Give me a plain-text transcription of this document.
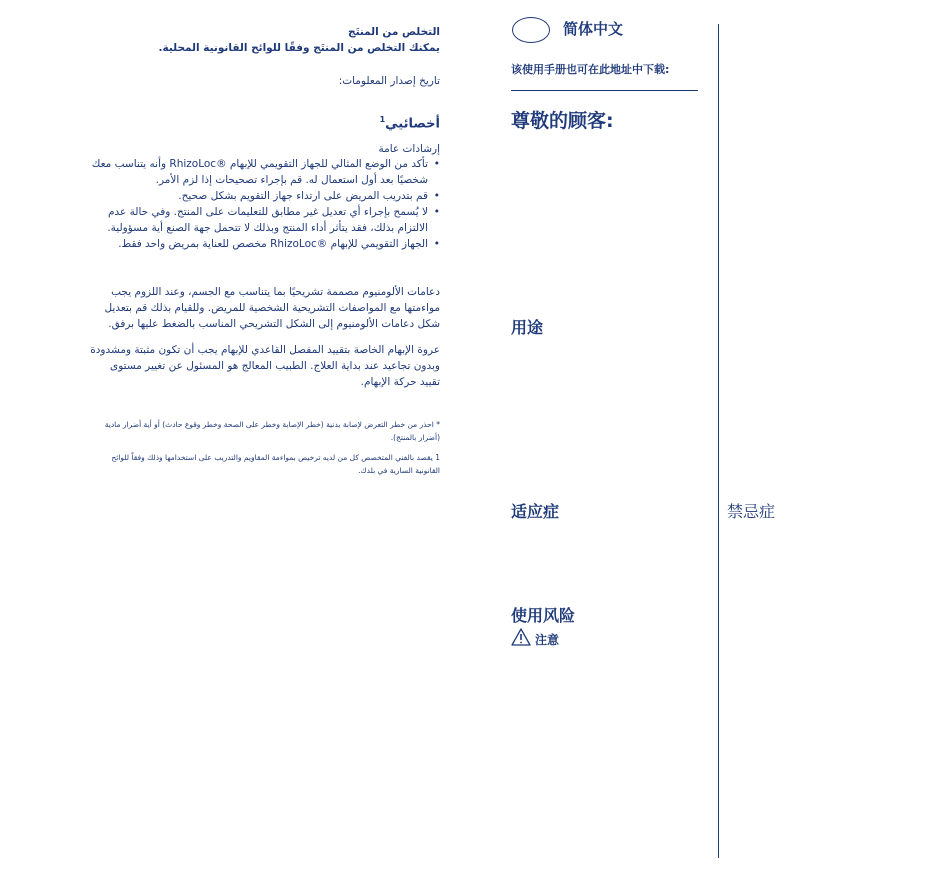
التخلص من المنتَج
يمكنك التخلص من المنتَج وفقًا للوائح القانونية المحلية.
تاريخ إصدار المعلومات:
أخصائيي$^1$
إرشادات عامة
• تأكد من الوضع المثالي للجهاز التقويمي للإبهام ®RhizoLoc وأنه يتناسب معك شخصيًا بعد أول استعمال له. قم بإجراء تصحيحات إذا لزم الأمر.
• قم بتدريب المريض على ارتداء جهاز التقويم بشكل صحيح.
• لا يُسمح بإجراء أي تعديل غير مطابق للتعليمات على المنتج. وفي حالة عدم الالتزام بذلك، فقد يتأثر أداء المنتج وبذلك لا تتحمل جهة الصنع أية مسؤولية.
• الجهاز التقويمي للإبهام ®RhizoLoc مخصص للعناية بمريض واحد فقط.
دعامات الألومنيوم مصممة تشريحيًا بما يتناسب مع الجسم، وعند اللزوم يجب مواءمتها مع المواصفات التشريحية الشخصية للمريض. وللقيام بذلك قم بتعديل شكل دعامات الألومنيوم إلى الشكل التشريحي المناسب بالضغط عليها برفق.
عروة الإبهام الخاصة بتقييد المفصل القاعدي للإبهام يجب أن تكون مثبتة ومشدودة وبدون تجاعيد عند بداية العلاج. الطبيب المعالج هو المسئول عن تغيير مستوى تقييد حركة الإبهام.
* احذر من خطر التعرض لإصابة بدنية (خطر الإصابة وخطر على الصحة وخطر وقوع حادث) أو أية أضرار مادية (أضرار بالمنتج).
1 يقصد بالفني المتخصص كل من لديه ترخيص بمواءمة المقاويم والتدريب على استخدامها وذلك وفقاً للوائح القانونية السارية في بلدك.
简体中文
该使用手册也可在此地址中下载:
尊敬的顾客:
用途
适应症	禁忌症
使用风险
注意
